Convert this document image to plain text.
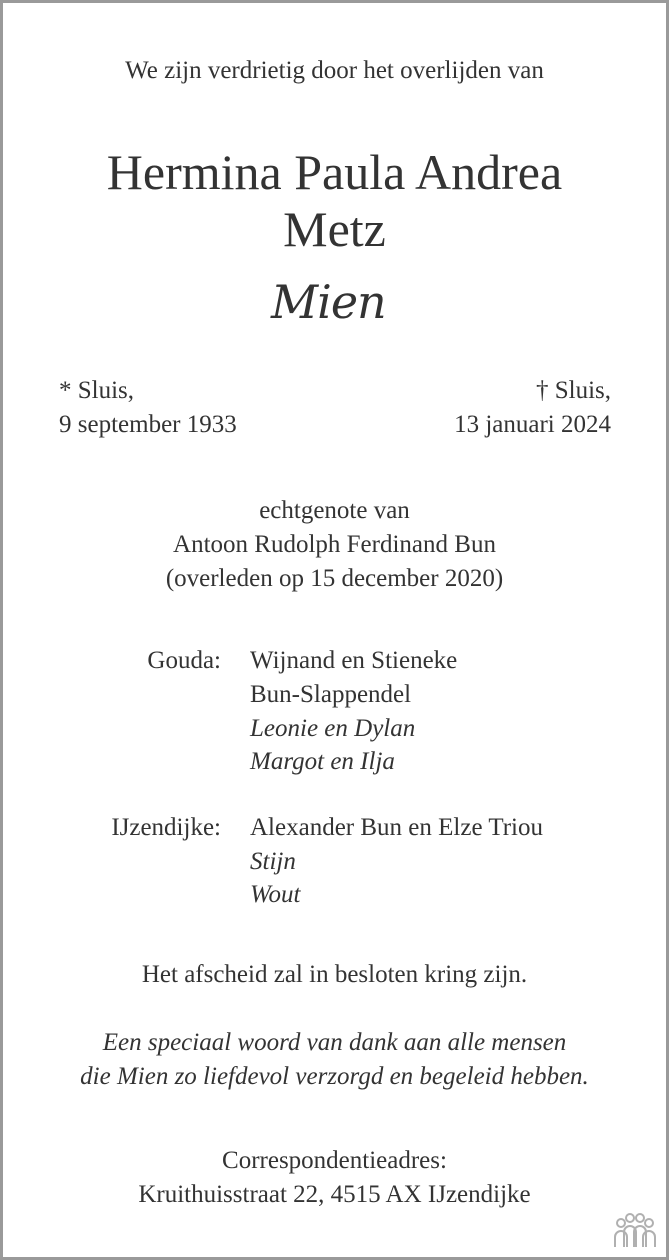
We zijn verdrietig door het overlijden van

Hermina Paula Andrea

Metz

Mien

* Sluis,
9 september 1933
† Sluis,
13 januari 2024

echtgenote van

Antoon Rudolph Ferdinand Bun

(overleden op 15 december 2020)

Gouda: Wijnand en Stieneke
Bun-Slappendel
Leonie en Dylan
Margot en Ilja
IJzendijke: Alexander Bun en Elze Triou
Stijn
Wout

Het afscheid zal in besloten kring zijn.

Een speciaal woord van dank aan alle mensen

die Mien zo liefdevol verzorgd en begeleid hebben.

Correspondentieadres:

Kruithuisstraat 22, 4515 AX IJzendijke
